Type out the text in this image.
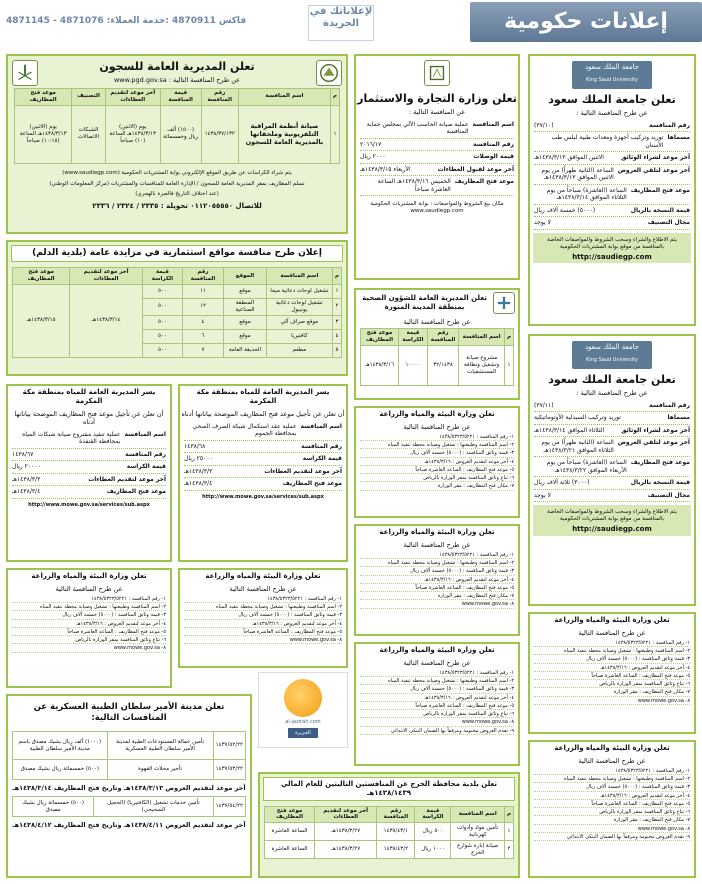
إعلانات حكومية
لإعلاناتك في الجريدة
4871145 - 4871076 :فاكس 4870911 :خدمة العملاء
تعلن المديرية العامة للسجون
عن طرح المنافسة التالية : www.pgd.gov.sa
م	اسم المنافسة	رقم المنافسة	قيمة المنافسة	آخر موعد لتقديم العطاءات	التصنيف	موعد فتح المظاريف
١	صيانة أنظمة المراقبة التلفزيونية وملحقاتها بالمديرية العامة للسجون	١٤٣٨/٣٧/١٣٢	(١٥٠٠) ألف ريال وخمسمائة	يوم (الاثنين) ١٤٣٨/٣/١٣هـ الساعة (١٠) صباحاً	الشبكات الاتصالات	يوم (الاثنين) ١٤٣٨/٣/١٣هـ الساعة (١٠:١٥) صباحاً
يتم شراء الكراسات عن طريق الموقع الإلكتروني بوابة المشتريات الحكومية (www.saudiegp.com)
تسلم المظاريف بمقر المديرية العامة للسجون / الإدارة العامة للمنافسات والمشتريات (مركز المعلومات الوطني)
(عند اختلاف التاريخ فالعبرة بالهجري)
للاتصال ٠١١٢٠٥٥٥٥٠ تحويلة : ٢٣٣٥ / ٢٣٢٤ / ٢٣٣٦
تعلن وزارة التجارة والاستثمار
عن المنافسة التالية :
اسم المنافسة
عملية صيانة الحاسب الآلي بمجلس حماية المنافسة
رقم المنافسة
٢٠١٦/١٧
قيمة الوصلات
٢٠٠٠ ريال
آخر موعد لقبول العطاءات
الأربعاء ١٤٣٨/٣/١٥هـ
موعد فتح المظاريف
الخميس ١٤٣٨/٣/١٦هـ الساعة العاشرة صباحاً
مكان بيع الشروط والمواصفات : بوابة المشتريات الحكومية www.saudiegp.com
جامعة الملك سعود
King Saud University
تعلن جامعة الملك سعود
عن طرح المنافسة التالية :
رقم المنافسة
(٣٧/١٠)
مسماها
توريد وتركيب أجهزة ومعدات طبية لبلس طب الأسنان
آخر موعد لشراء الوثائق
الاثنين الموافق ١٤٣٨/٣/١٣هـ
آخر موعد لتلقي العروض
الساعة (الثانية ظهراً) من يوم الاثنين الموافق ١٤٣٨/٣/١٣هـ
موعد فتح المظاريف
الساعة (العاشرة) صباحاً من يوم الثلاثاء الموافق ١٤٣٨/٣/١٤هـ
قيمة النسخة بالريال
(٥٠٠٠) خمسة آلاف ريال
مجال التصنيف
لا يوجد
يتم الاطلاع والشراء وسحب الشروط والمواصفات الخاصة بالمنافسة من موقع بوابة المشتريات الحكومية
http://saudiegp.com
إعلان طرح منافسة مواقع استثمارية في مزايدة عامة (بلدية الدلم)
م	اسم المنافسة	الموقع	رقم المنافسة	قيمة الكراسة	آخر موعد لتقديم العطاءات	موعد فتح المظاريف
١	تشغيل لوحات دعائية ميجا	موقع	١١	٥٠٠	١٤٣٨/٣/١٤هـ	١٤٣٨/٣/١٥هـ
٢	تشغيل لوحات دعائية يونيبول	المنطقة الصناعية	١٢	٥٠٠		
٣	موقع صراف آلي	موقع	٤	٥٠٠		
٤	كافتيريا	موقع	٦	٥٠٠		
٥	مطعم	الحديقة العامة	٧	٥٠٠		
تعلن المديرية العامة للشؤون الصحية بمنطقة المدينة المنورة
عن طرح المنافسة التالية
م	اسم المنافسة	رقم المنافسة	قيمة الكراسة	موعد فتح المظاريف
١	مشروع صيانة وتشغيل ونظافة المستشفيات	٣٢/١٤٣٨	١٠٠٠٠	١٤٣٨/٣/١٦هـ
يسر المديرية العامة للمياه بمنطقة مكة المكرمة
أن تعلن عن تأجيل موعد فتح المظاريف الموضحة بياناتها أدناه
اسم المنافسة
عملية تنفيذ مشروع صيانة شبكات المياه بمحافظة القنفذة
رقم المنافسة
١٤٣٨/٦٧
قيمة الكراسة
٢٠٠٠٠ ريال
آخر موعد لتقديم العطاءات
١٤٣٨/٣/٣هـ
موعد فتح المظاريف
١٤٣٨/٣/٤هـ
http://www.mowe.gov.sa/services/sub.aspx
يسر المديرية العامة للمياه بمنطقة مكة المكرمة
أن تعلن عن تأجيل موعد فتح المظاريف الموضحة بياناتها أدناه
اسم المنافسة
عملية عقد استكمال شبكة الصرف الصحي بمحافظة الجموم
رقم المنافسة
١٤٣٨/٦٨
قيمة الكراسة
٢٥٠٠٠ ريال
آخر موعد لتقديم العطاءات
١٤٣٨/٣/٣هـ
موعد فتح المظاريف
١٤٣٨/٣/٤هـ
http://www.mowe.gov.sa/services/sub.aspx
تعلن وزارة البيئة والمياه والزراعة
عن طرح المنافسة التالية

١- رقم المنافسة : ١٤٣٨/٥٣٢٣/٥٢٢١

٢- اسم المنافسة وطبيعتها : تشغيل وصيانة محطة تنقية المياه

٣- قيمة وثائق المنافسة : (٥٠٠٠) خمسة آلاف ريال

٤- آخر موعد لتقديم العروض : ١٤٣٨/٣/١٦هـ

٥- موعد فتح المظاريف : الساعة العاشرة صباحاً

٦- تباع وثائق المنافسة بمقر الوزارة بالرياض

٧- مكان فتح المظاريف : مقر الوزارة

تعلن وزارة البيئة والمياه والزراعة
عن طرح المنافسة التالية

١- رقم المنافسة : ١٤٣٨/٥٣٢٣/٥٢٢١

٢- اسم المنافسة وطبيعتها : تشغيل وصيانة محطة تنقية المياه

٣- قيمة وثائق المنافسة : (٥٠٠٠) خمسة آلاف ريال

٤- آخر موعد لتقديم العروض : ١٤٣٨/٣/١٦هـ

٥- موعد فتح المظاريف : الساعة العاشرة صباحاً

٧- مكان فتح المظاريف : مقر الوزارة

٨- www.mowe.gov.sa

تعلن وزارة البيئة والمياه والزراعة
عن طرح المنافسة التالية

١- رقم المنافسة : ١٤٣٨/٥٣٢٣/٥٢٢١

٢- اسم المنافسة وطبيعتها : تشغيل وصيانة محطة تنقية المياه

٣- قيمة وثائق المنافسة : (٥٠٠٠) خمسة آلاف ريال

٤- آخر موعد لتقديم العروض : ١٤٣٨/٣/١٦هـ

٥- موعد فتح المظاريف : الساعة العاشرة صباحاً

٦- تباع وثائق المنافسة بمقر الوزارة بالرياض

٨- www.mowe.gov.sa

٩- تقدم العروض مختومة ومرفقاً بها الضمان البنكي الابتدائي

تعلن وزارة البيئة والمياه والزراعة
عن طرح المنافسة التالية

١- رقم المنافسة : ١٤٣٨/٥٣٢٣/٥٢٢١

٢- اسم المنافسة وطبيعتها : تشغيل وصيانة محطة تنقية المياه

٣- قيمة وثائق المنافسة : (٥٠٠٠) خمسة آلاف ريال

٤- آخر موعد لتقديم العروض : ١٤٣٨/٣/١٦هـ

٥- موعد فتح المظاريف : الساعة العاشرة صباحاً

٦- تباع وثائق المنافسة بمقر الوزارة بالرياض

٨- www.mowe.gov.sa

تعلن وزارة البيئة والمياه والزراعة
عن طرح المنافسة التالية

١- رقم المنافسة : ١٤٣٨/٥٣٢٣/٥٢٢١

٢- اسم المنافسة وطبيعتها : تشغيل وصيانة محطة تنقية المياه

٣- قيمة وثائق المنافسة : (٥٠٠٠) خمسة آلاف ريال

٤- آخر موعد لتقديم العروض : ١٤٣٨/٣/١٦هـ

٥- موعد فتح المظاريف : الساعة العاشرة صباحاً

٨- www.mowe.gov.sa

جامعة الملك سعود
King Saud University
تعلن جامعة الملك سعود
عن طرح المنافسة التالية :
رقم المنافسة
(٣٧/١١)
مسماها
توريد وتركيب السيدلية الأوتوماتيكية
آخر موعد لشراء الوثائق
الثلاثاء الموافق ١٤٣٨/٣/١٤هـ
آخر موعد لتلقي العروض
الساعة (الثانية ظهراً) من يوم الثلاثاء الموافق ١٤٣٨/٣/٢١هـ
موعد فتح المظاريف
الساعة (العاشرة) صباحاً من يوم الأربعاء الموافق ١٤٣٨/٣/٢٢هـ
قيمة النسخة بالريال
(٣٠٠٠) ثلاثة آلاف ريال
مجال التصنيف
لا يوجد
يتم الاطلاع والشراء وسحب الشروط والمواصفات الخاصة بالمنافسة من موقع بوابة المشتريات الحكومية
http://saudiegp.com
تعلن وزارة البيئة والمياه والزراعة
عن طرح المنافسة التالية

١- رقم المنافسة : ١٤٣٨/٥٣٢٣/٥٢٢١

٢- اسم المنافسة وطبيعتها : تشغيل وصيانة محطة تنقية المياه

٣- قيمة وثائق المنافسة : (٥٠٠٠) خمسة آلاف ريال

٤- آخر موعد لتقديم العروض : ١٤٣٨/٣/١٦هـ

٥- موعد فتح المظاريف : الساعة العاشرة صباحاً

٦- تباع وثائق المنافسة بمقر الوزارة بالرياض

٧- مكان فتح المظاريف : مقر الوزارة

٨- www.mowe.gov.sa

تعلن وزارة البيئة والمياه والزراعة
عن طرح المنافسة التالية

١- رقم المنافسة : ١٤٣٨/٥٣٢٣/٥٢٢١

٢- اسم المنافسة وطبيعتها : تشغيل وصيانة محطة تنقية المياه

٣- قيمة وثائق المنافسة : (٥٠٠٠) خمسة آلاف ريال

٤- آخر موعد لتقديم العروض : ١٤٣٨/٣/١٦هـ

٥- موعد فتح المظاريف : الساعة العاشرة صباحاً

٦- تباع وثائق المنافسة بمقر الوزارة بالرياض

٧- مكان فتح المظاريف : مقر الوزارة

٨- www.mowe.gov.sa

٩- تقدم العروض مختومة ومرفقاً بها الضمان البنكي الابتدائي

تعلن مدينة الأمير سلطان الطبية العسكرية عن المنافسات التالية:
١٤٣٧/٥٢/٢٢	تأمين عمالة المستودعات الطبية لمدينة الأمير سلطان الطبية العسكرية	(١٠٠٠) ألف ريال بشيك مصدق باسم مدينة الأمير سلطان الطبية
١٤٣٧/٥٣/٢٢	تأجير محلات القهوة	(٥٠٠) خمسمائة ريال بشيك مصدق
آخر موعد لتقديم العروض ١٤٣٨/٣/١٣هـ وتاريخ فتح المظاريف ١٤٣٨/٣/١٤هـ
١٤٣٧/٥٤/٢٢	تأمين خدمات تشغيل (الكافتيريا) (الحجيل السحيحي)	(٥٠٠) خمسمائة ريال بشيك مصدق
آخر موعد لتقديم العروض ١٤٣٨/٤/١١هـ وتاريخ فتح المظاريف ١٤٣٨/٤/١٢هـ
al-jazirah.com
الجزيرة
تعلن بلدية محافظة الخرج عن المنافستين التاليتين للعام المالي ١٤٣٨/١٤٣٩هـ
م	اسم المنافسة	قيمة الكراسة	رقم المنافسة	آخر موعد لتقديم العطاءات	موعد فتح المظاريف
١	تأمين مواد وأدوات كهربائية	٥٠٠ ريال	١٤٣٨/٤٣/١	١٤٣٨/٣/٢٧هـ	الساعة العاشرة
٢	صيانة إنارة شوارع الخرج	١٠٠٠ ريال	١٤٣٨/٤٣/٢	١٤٣٨/٣/٢٧هـ	الساعة العاشرة
